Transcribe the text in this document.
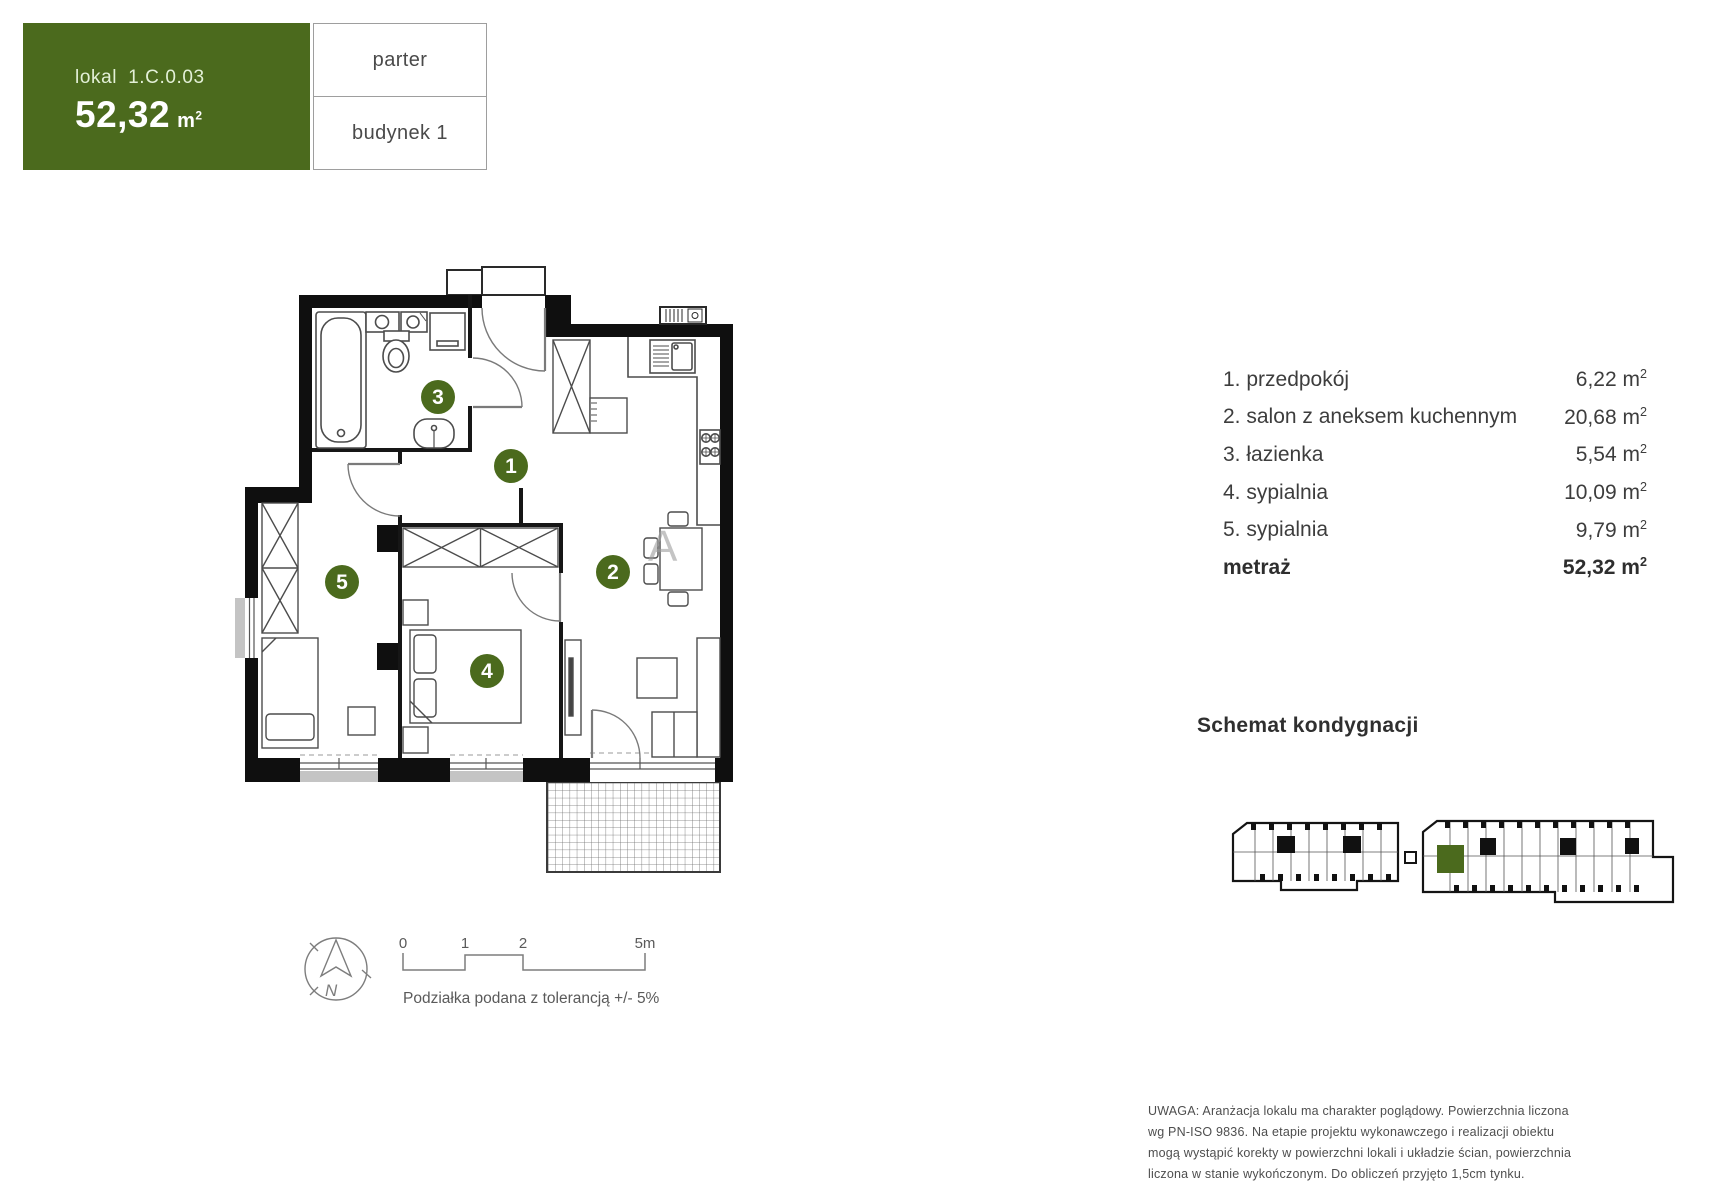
lokal 1.C.0.03
52,32 $m^2$
parter
budynek 1
A
1
2
3
4
5
1. przedpokój	6,22 $m^2$
2. salon z aneksem kuchennym 20,68 $m^2$
3. łazienka	5,54 $m^2$
4. sypialnia	10,09 $m^2$
5. sypialnia	9,79 $m^2$
metraż	52,32 $m^2$
Schemat kondygnacji
N
0	1	2	5m
Podziałka podana z tolerancją +/- 5%
UWAGA: Aranżacja lokalu ma charakter poglądowy. Powierzchnia liczona
wg PN-ISO 9836. Na etapie projektu wykonawczego i realizacji obiektu
mogą wystąpić korekty w powierzchni lokali i układzie ścian, powierzchnia
liczona w stanie wykończonym. Do obliczeń przyjęto 1,5cm tynku.
